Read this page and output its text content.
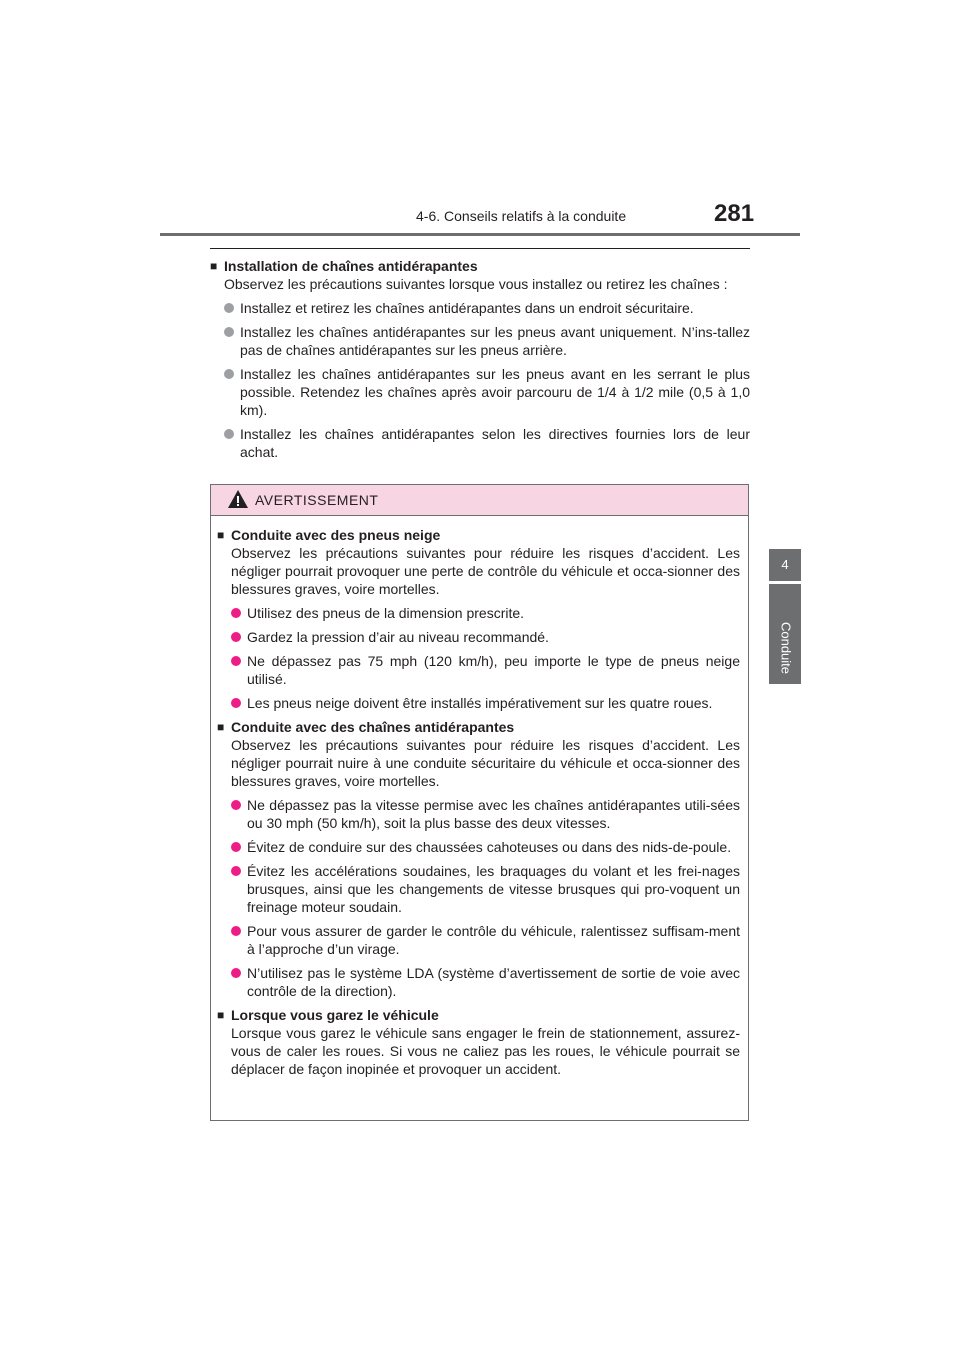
4-6. Conseils relatifs à la conduite	281
4
Conduite
■ Installation de chaînes antidérapantes
Observez les précautions suivantes lorsque vous installez ou retirez les chaînes :
Installez et retirez les chaînes antidérapantes dans un endroit sécuritaire.
Installez les chaînes antidérapantes sur les pneus avant uniquement. N’ins-tallez pas de chaînes antidérapantes sur les pneus arrière.
Installez les chaînes antidérapantes sur les pneus avant en les serrant le plus possible. Retendez les chaînes après avoir parcouru de 1/4 à 1/2 mile (0,5 à 1,0 km).
Installez les chaînes antidérapantes selon les directives fournies lors de leur achat.
AVERTISSEMENT
■ Conduite avec des pneus neige
Observez les précautions suivantes pour réduire les risques d’accident. Les négliger pourrait provoquer une perte de contrôle du véhicule et occa-sionner des blessures graves, voire mortelles.
Utilisez des pneus de la dimension prescrite.
Gardez la pression d’air au niveau recommandé.
Ne dépassez pas 75 mph (120 km/h), peu importe le type de pneus neige utilisé.
Les pneus neige doivent être installés impérativement sur les quatre roues.
■ Conduite avec des chaînes antidérapantes
Observez les précautions suivantes pour réduire les risques d’accident. Les négliger pourrait nuire à une conduite sécuritaire du véhicule et occa-sionner des blessures graves, voire mortelles.
Ne dépassez pas la vitesse permise avec les chaînes antidérapantes utili-sées ou 30 mph (50 km/h), soit la plus basse des deux vitesses.
Évitez de conduire sur des chaussées cahoteuses ou dans des nids-de-poule.
Évitez les accélérations soudaines, les braquages du volant et les frei-nages brusques, ainsi que les changements de vitesse brusques qui pro-voquent un freinage moteur soudain.
Pour vous assurer de garder le contrôle du véhicule, ralentissez suffisam-ment à l’approche d’un virage.
N’utilisez pas le système LDA (système d’avertissement de sortie de voie avec contrôle de la direction).
■ Lorsque vous garez le véhicule
Lorsque vous garez le véhicule sans engager le frein de stationnement, assurez-vous de caler les roues. Si vous ne caliez pas les roues, le véhicule pourrait se déplacer de façon inopinée et provoquer un accident.
